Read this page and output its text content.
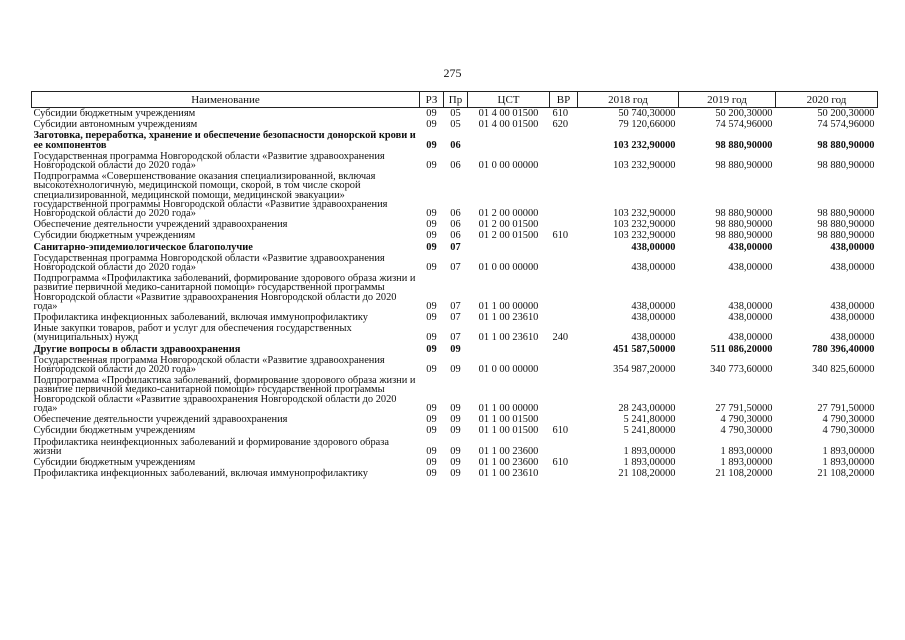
275
Наименование	РЗ	Пр	ЦСТ	ВР	2018 год	2019 год	2020 год
Субсидии бюджетным учреждениям	09	05	01 4 00 01500	610	50 740,30000	50 200,30000	50 200,30000
Субсидии автономным учреждениям	09	05	01 4 00 01500	620	79 120,66000	74 574,96000	74 574,96000
Заготовка, переработка, хранение и обеспечение безопасности донорской крови и ее компонентов	09	06			103 232,90000	98 880,90000	98 880,90000
Государственная программа Новгородской области «Развитие здравоохранения Новгородской области до 2020 года»	09	06	01 0 00 00000		103 232,90000	98 880,90000	98 880,90000
Подпрограмма «Совершенствование оказания специализированной, включая высокотехнологичную, медицинской помощи, скорой, в том числе скорой специализированной, медицинской помощи, медицинской эвакуации» государственной программы Новгородской области «Развитие здравоохранения Новгородской области до 2020 года»	09	06	01 2 00 00000		103 232,90000	98 880,90000	98 880,90000
Обеспечение деятельности учреждений здравоохранения	09	06	01 2 00 01500		103 232,90000	98 880,90000	98 880,90000
Субсидии бюджетным учреждениям	09	06	01 2 00 01500	610	103 232,90000	98 880,90000	98 880,90000
Санитарно-эпидемиологическое благополучие	09	07			438,00000	438,00000	438,00000
Государственная программа Новгородской области «Развитие здравоохранения Новгородской области до 2020 года»	09	07	01 0 00 00000		438,00000	438,00000	438,00000
Подпрограмма «Профилактика заболеваний, формирование здорового образа жизни и развитие первичной медико-санитарной помощи» государственной программы Новгородской области «Развитие здравоохранения Новгородской области до 2020 года»	09	07	01 1 00 00000		438,00000	438,00000	438,00000
Профилактика инфекционных заболеваний, включая иммунопрофилактику	09	07	01 1 00 23610		438,00000	438,00000	438,00000
Иные закупки товаров, работ и услуг для обеспечения государственных (муниципальных) нужд	09	07	01 1 00 23610	240	438,00000	438,00000	438,00000
Другие вопросы в области здравоохранения	09	09			451 587,50000	511 086,20000	780 396,40000
Государственная программа Новгородской области «Развитие здравоохранения Новгородской области до 2020 года»	09	09	01 0 00 00000		354 987,20000	340 773,60000	340 825,60000
Подпрограмма «Профилактика заболеваний, формирование здорового образа жизни и развитие первичной медико-санитарной помощи» государственной программы Новгородской области «Развитие здравоохранения Новгородской области до 2020 года»	09	09	01 1 00 00000		28 243,00000	27 791,50000	27 791,50000
Обеспечение деятельности учреждений здравоохранения	09	09	01 1 00 01500		5 241,80000	4 790,30000	4 790,30000
Субсидии бюджетным учреждениям	09	09	01 1 00 01500	610	5 241,80000	4 790,30000	4 790,30000
Профилактика неинфекционных заболеваний и формирование здорового образа жизни	09	09	01 1 00 23600		1 893,00000	1 893,00000	1 893,00000
Субсидии бюджетным учреждениям	09	09	01 1 00 23600	610	1 893,00000	1 893,00000	1 893,00000
Профилактика инфекционных заболеваний, включая иммунопрофилактику	09	09	01 1 00 23610		21 108,20000	21 108,20000	21 108,20000
